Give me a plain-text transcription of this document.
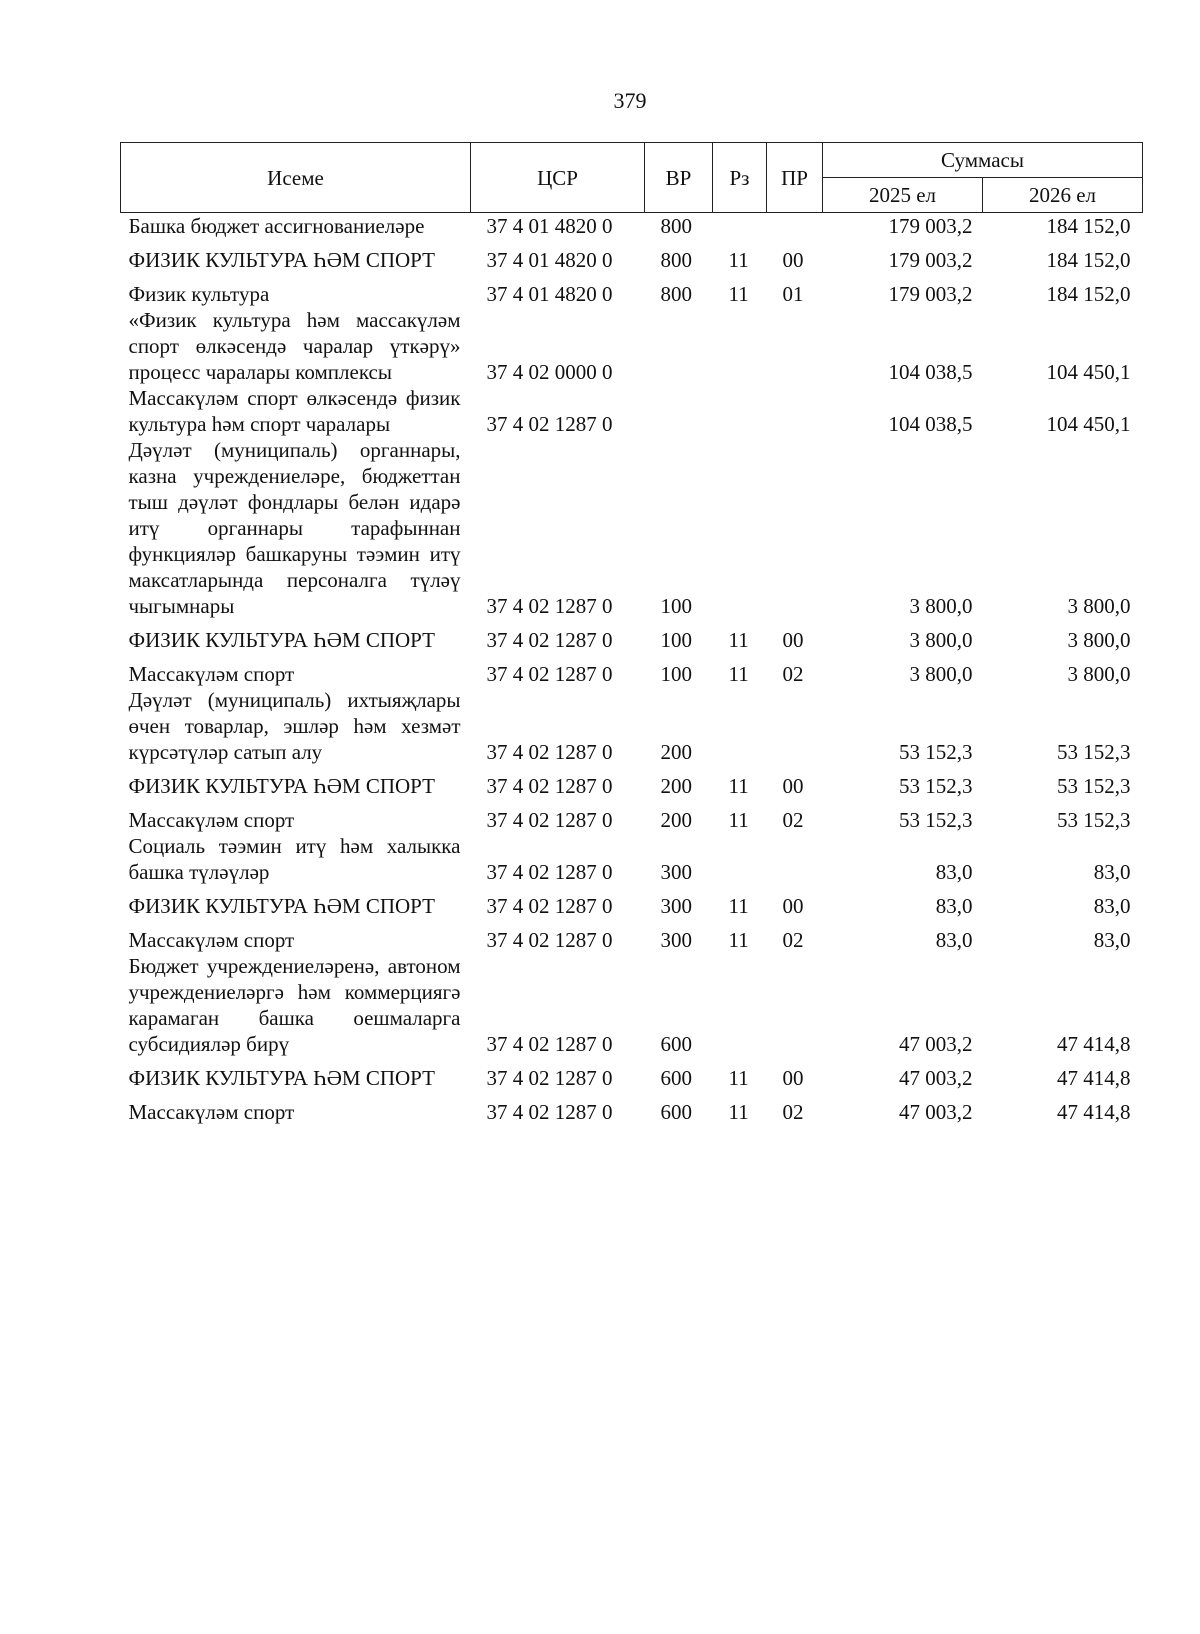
379
Исеме	ЦСР	ВР	Рз	ПР	Суммасы	
					2025 ел	2026 ел
Башка бюджет ассигнованиеләре	37 4 01 4820 0	800			179 003,2	184 152,0
ФИЗИК КУЛЬТУРА ҺӘМ СПОРТ	37 4 01 4820 0	800	11	00	179 003,2	184 152,0
Физик культура	37 4 01 4820 0	800	11	01	179 003,2	184 152,0
«Физик культура һәм массакүләм спорт өлкәсендә чаралар үткәрү» процесс чаралары комплексы	37 4 02 0000 0				104 038,5	104 450,1
Массакүләм спорт өлкәсендә физик культура һәм спорт чаралары	37 4 02 1287 0				104 038,5	104 450,1
Дәүләт (муниципаль) органнары, казна учреждениеләре, бюджеттан тыш дәүләт фондлары белән идарә итү органнары тарафыннан функцияләр башкаруны тәэмин итү максатларында персоналга түләү чыгымнары	37 4 02 1287 0	100			3 800,0	3 800,0
ФИЗИК КУЛЬТУРА ҺӘМ СПОРТ	37 4 02 1287 0	100	11	00	3 800,0	3 800,0
Массакүләм спорт	37 4 02 1287 0	100	11	02	3 800,0	3 800,0
Дәүләт (муниципаль) ихтыяҗлары өчен товарлар, эшләр һәм хезмәт күрсәтүләр сатып алу	37 4 02 1287 0	200			53 152,3	53 152,3
ФИЗИК КУЛЬТУРА ҺӘМ СПОРТ	37 4 02 1287 0	200	11	00	53 152,3	53 152,3
Массакүләм спорт	37 4 02 1287 0	200	11	02	53 152,3	53 152,3
Социаль тәэмин итү һәм халыкка башка түләүләр	37 4 02 1287 0	300			83,0	83,0
ФИЗИК КУЛЬТУРА ҺӘМ СПОРТ	37 4 02 1287 0	300	11	00	83,0	83,0
Массакүләм спорт	37 4 02 1287 0	300	11	02	83,0	83,0
Бюджет учреждениеләренә, автоном учреждениеләргә һәм коммерциягә карамаган башка оешмаларга субсидияләр бирү	37 4 02 1287 0	600			47 003,2	47 414,8
ФИЗИК КУЛЬТУРА ҺӘМ СПОРТ	37 4 02 1287 0	600	11	00	47 003,2	47 414,8
Массакүләм спорт	37 4 02 1287 0	600	11	02	47 003,2	47 414,8
